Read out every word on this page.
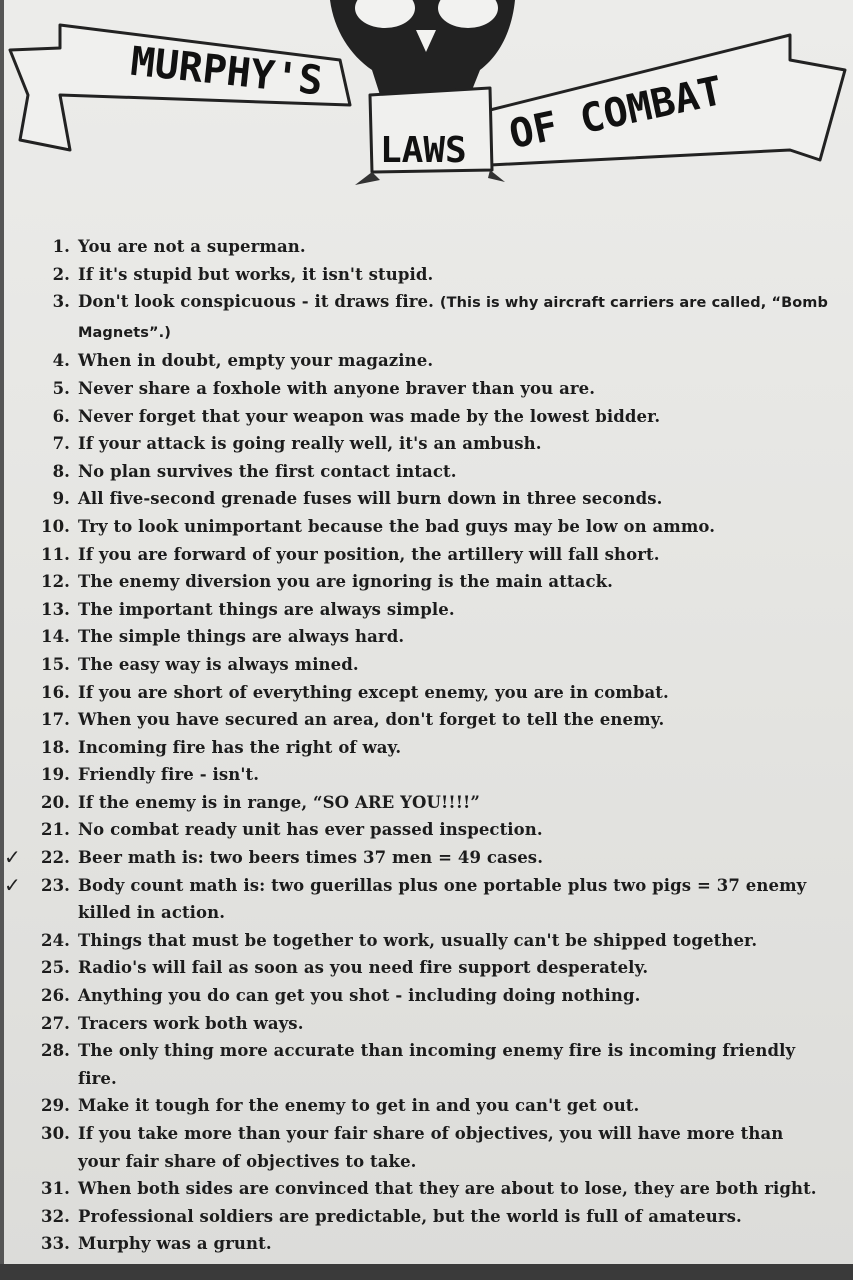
MURPHY'S	OF COMBAT
LAWS
1. You are not a superman.
2. If it's stupid but works, it isn't stupid.
3. Don't look conspicuous - it draws fire. (This is why aircraft carriers are called, “Bomb Magnets”.)
4. When in doubt, empty your magazine.
5. Never share a foxhole with anyone braver than you are.
6. Never forget that your weapon was made by the lowest bidder.
7. If your attack is going really well, it's an ambush.
8. No plan survives the first contact intact.
9. All five-second grenade fuses will burn down in three seconds.
10. Try to look unimportant because the bad guys may be low on ammo.
11. If you are forward of your position, the artillery will fall short.
12. The enemy diversion you are ignoring is the main attack.
13. The important things are always simple.
14. The simple things are always hard.
15. The easy way is always mined.
16. If you are short of everything except enemy, you are in combat.
17. When you have secured an area, don't forget to tell the enemy.
18. Incoming fire has the right of way.
19. Friendly fire - isn't.
20. If the enemy is in range, “SO ARE YOU!!!!”
21. No combat ready unit has ever passed inspection.
✓	22. Beer math is: two beers times 37 men = 49 cases.
✓	23. Body count math is: two guerillas plus one portable plus two pigs = 37 enemy killed in action.
24. Things that must be together to work, usually can't be shipped together.
25. Radio's will fail as soon as you need fire support desperately.
26. Anything you do can get you shot - including doing nothing.
27. Tracers work both ways.
28. The only thing more accurate than incoming enemy fire is incoming friendly fire.
29. Make it tough for the enemy to get in and you can't get out.
30. If you take more than your fair share of objectives, you will have more than your fair share of objectives to take.
31. When both sides are convinced that they are about to lose, they are both right.
32. Professional soldiers are predictable, but the world is full of amateurs.
33. Murphy was a grunt.
